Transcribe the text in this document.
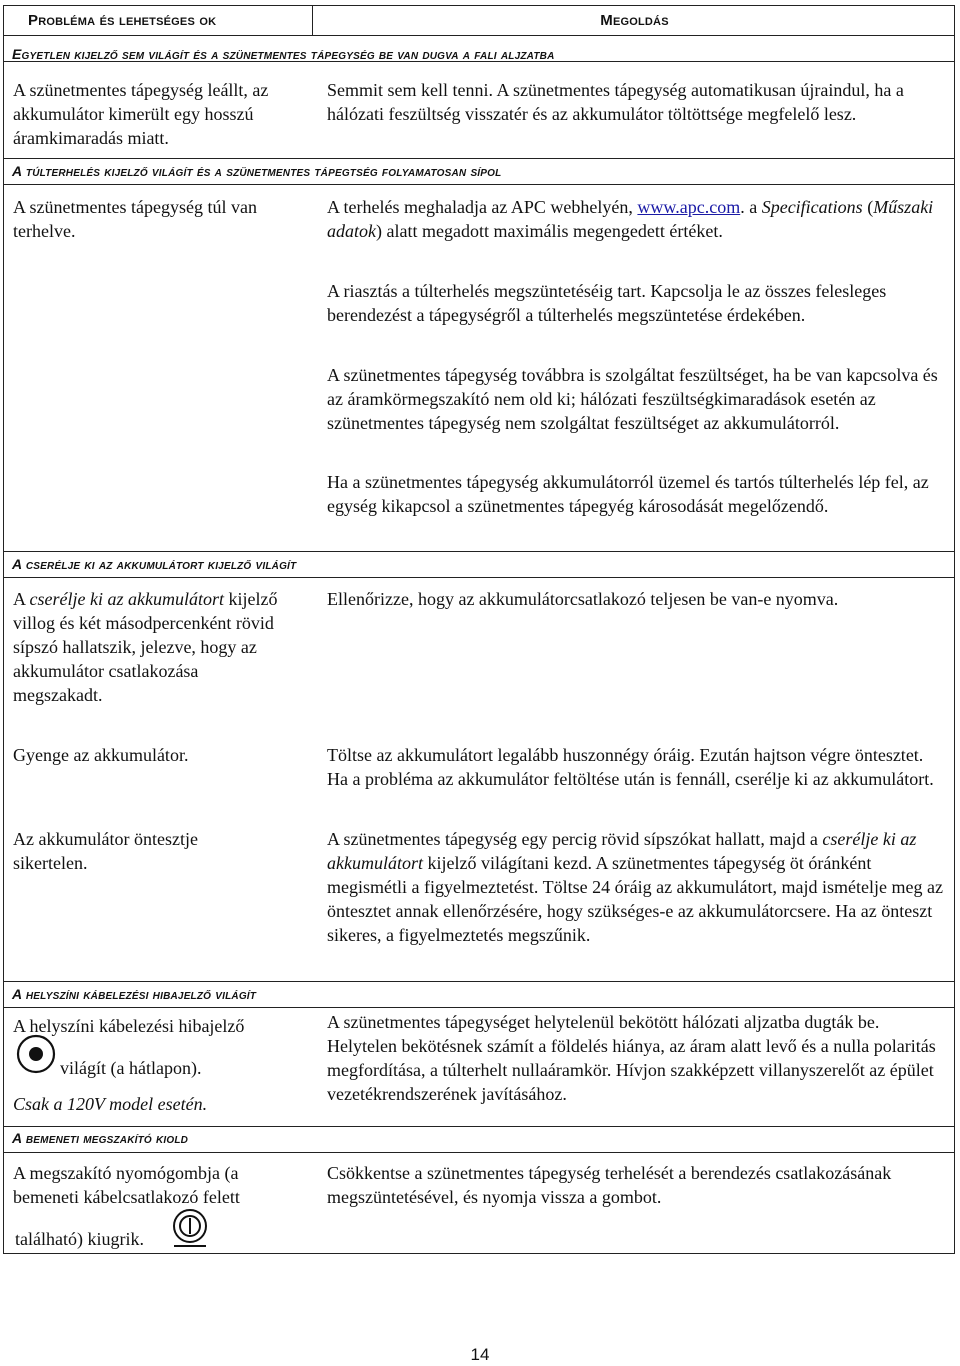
Probléma és lehetséges ok	Megoldás
Egyetlen kijelző sem világít és a szünetmentes tápegység be van dugva a fali aljzatba
A szünetmentes tápegység leállt, az akkumulátor kimerült egy hosszú áramkimaradás miatt.
Semmit sem kell tenni. A szünetmentes tápegység automatikusan újraindul, ha a hálózati feszültség visszatér és az akkumulátor töltöttsége megfelelő lesz.
A túlterhelés kijelző világít és a szünetmentes tápegtség folyamatosan sípol
A szünetmentes tápegység túl van terhelve.

A terhelés meghaladja az APC webhelyén, www.apc.com. a Specifications (Műszaki adatok) alatt megadott maximális megengedett értéket.

A riasztás a túlterhelés megszüntetéséig tart. Kapcsolja le az összes felesleges berendezést a tápegységről a túlterhelés megszüntetése érdekében.
A szünetmentes tápegység továbbra is szolgáltat feszültséget, ha be van kapcsolva és az áramkörmegszakító nem old ki; hálózati feszültségkimaradások esetén az szünetmentes tápegység nem szolgáltat feszültséget az akkumulátorról.
Ha a szünetmentes tápegység akkumulátorról üzemel és tartós túlterhelés lép fel, az egység kikapcsol a szünetmentes tápegyég károsodását megelőzendő.
A cserélje ki az akkumulátort kijelző világít

A cserélje ki az akkumulátort kijelző villog és két másodpercenként rövid sípszó hallatszik, jelezve, hogy az akkumulátor csatlakozása megszakadt.

Ellenőrizze, hogy az akkumulátorcsatlakozó teljesen be van-e nyomva.
Gyenge az akkumulátor.	Töltse az akkumulátort legalább huszonnégy óráig. Ezután hajtson végre öntesztet. Ha a probléma az akkumulátor feltöltése után is fennáll, cserélje ki az akkumulátort.
Az akkumulátor öntesztje sikertelen.

A szünetmentes tápegység egy percig rövid sípszókat hallatt, majd a cserélje ki az akkumulátort kijelző világítani kezd. A szünetmentes tápegység öt óránként megismétli a figyelmeztetést. Töltse 24 óráig az akkumulátort, majd ismételje meg az öntesztet annak ellenőrzésére, hogy szükséges-e az akkumulátorcsere. Ha az önteszt sikeres, a figyelmeztetés megszűnik.

A helyszíni kábelezési hibajelző világít
A helyszíni kábelezési hibajelző
világít (a hátlapon).
Csak a 120V model esetén.
A szünetmentes tápegységet helytelenül bekötött hálózati aljzatba dugták be. Helytelen bekötésnek számít a földelés hiánya, az áram alatt levő és a nulla polaritás megfordítása, a túlterhelt nullaáramkör. Hívjon szakképzett villanyszerelőt az épület vezetékrendszerének javításához.
A bemeneti megszakító kiold
A megszakító nyomógombja (a bemeneti kábelcsatlakozó felett
található) kiugrik.
Csökkentse a szünetmentes tápegység terhelését a berendezés csatlakozásának megszüntetésével, és nyomja vissza a gombot.
14
